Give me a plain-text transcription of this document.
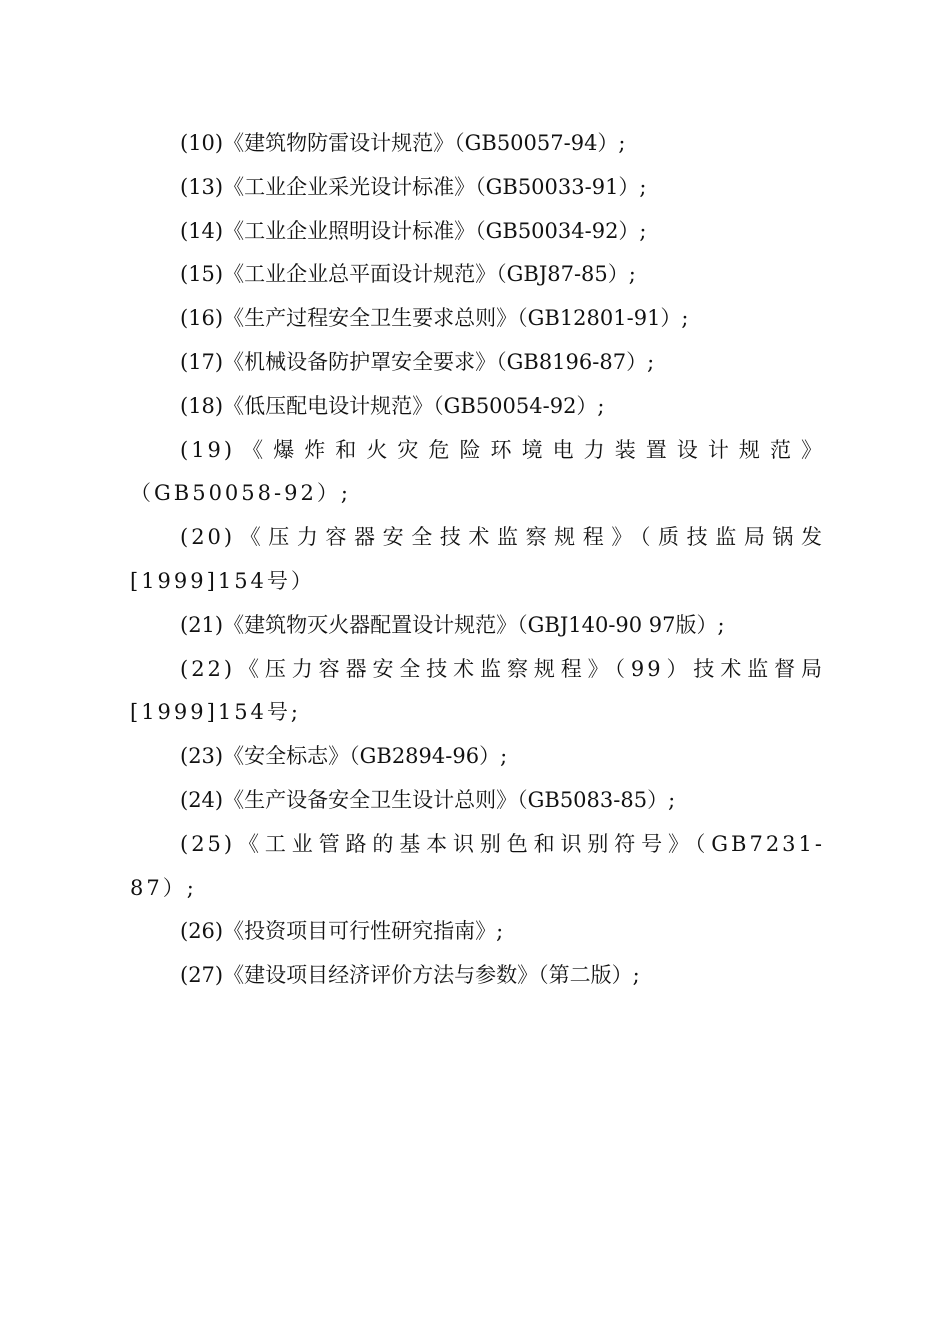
(10)《建筑物防雷设计规范》（GB50057-94）;

(13)《工业企业采光设计标准》（GB50033-91）;

(14)《工业企业照明设计标准》（GB50034-92）;

(15)《工业企业总平面设计规范》（GBJ87-85）;

(16)《生产过程安全卫生要求总则》（GB12801-91）;

(17)《机械设备防护罩安全要求》（GB8196-87）;

(18)《低压配电设计规范》（GB50054-92）;

(19)《爆炸和火灾危险环境电力装置设计规范》（GB50058-92）;

(20)《压力容器安全技术监察规程》（质技监局锅发[1999]154号）

(21)《建筑物灭火器配置设计规范》（GBJ140-90 97版）;

(22)《压力容器安全技术监察规程》（99）技术监督局[1999]154号;

(23)《安全标志》（GB2894-96）;

(24)《生产设备安全卫生设计总则》（GB5083-85）;

(25)《工业管路的基本识别色和识别符号》（GB7231-87）;

(26)《投资项目可行性研究指南》;

(27)《建设项目经济评价方法与参数》（第二版）;
